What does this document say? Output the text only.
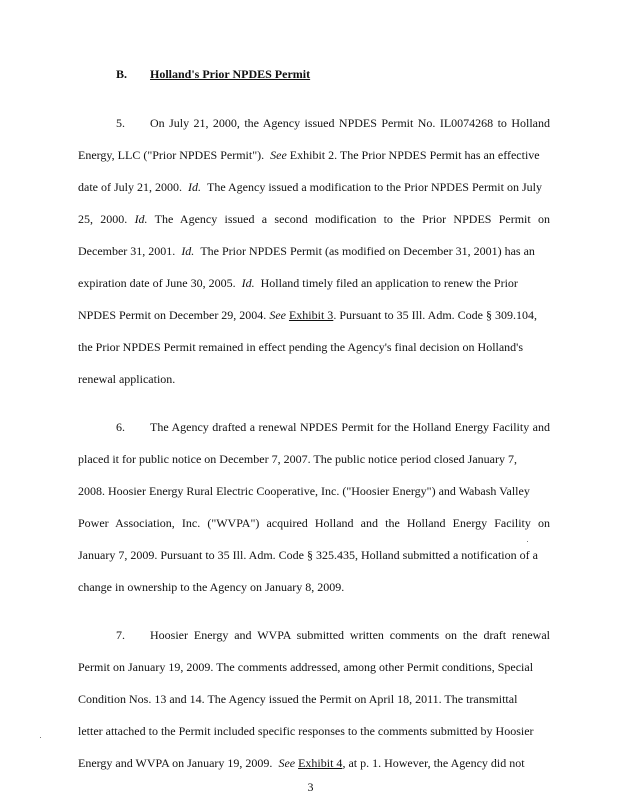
B. Holland's Prior NPDES Permit
5. On July 21, 2000, the Agency issued NPDES Permit No. IL0074268 to Holland
Energy, LLC ("Prior NPDES Permit"). See Exhibit 2. The Prior NPDES Permit has an effective
date of July 21, 2000. Id. The Agency issued a modification to the Prior NPDES Permit on July
25, 2000. Id. The Agency issued a second modification to the Prior NPDES Permit on
December 31, 2001. Id. The Prior NPDES Permit (as modified on December 31, 2001) has an
expiration date of June 30, 2005. Id. Holland timely filed an application to renew the Prior
NPDES Permit on December 29, 2004. See Exhibit 3. Pursuant to 35 Ill. Adm. Code § 309.104,
the Prior NPDES Permit remained in effect pending the Agency's final decision on Holland's
renewal application.
6. The Agency drafted a renewal NPDES Permit for the Holland Energy Facility and
placed it for public notice on December 7, 2007. The public notice period closed January 7,
2008. Hoosier Energy Rural Electric Cooperative, Inc. ("Hoosier Energy") and Wabash Valley
Power Association, Inc. ("WVPA") acquired Holland and the Holland Energy Facility on
January 7, 2009. Pursuant to 35 Ill. Adm. Code § 325.435, Holland submitted a notification of a
change in ownership to the Agency on January 8, 2009.
7. Hoosier Energy and WVPA submitted written comments on the draft renewal
Permit on January 19, 2009. The comments addressed, among other Permit conditions, Special
Condition Nos. 13 and 14. The Agency issued the Permit on April 18, 2011. The transmittal
letter attached to the Permit included specific responses to the comments submitted by Hoosier
Energy and WVPA on January 19, 2009. See Exhibit 4, at p. 1. However, the Agency did not
3
